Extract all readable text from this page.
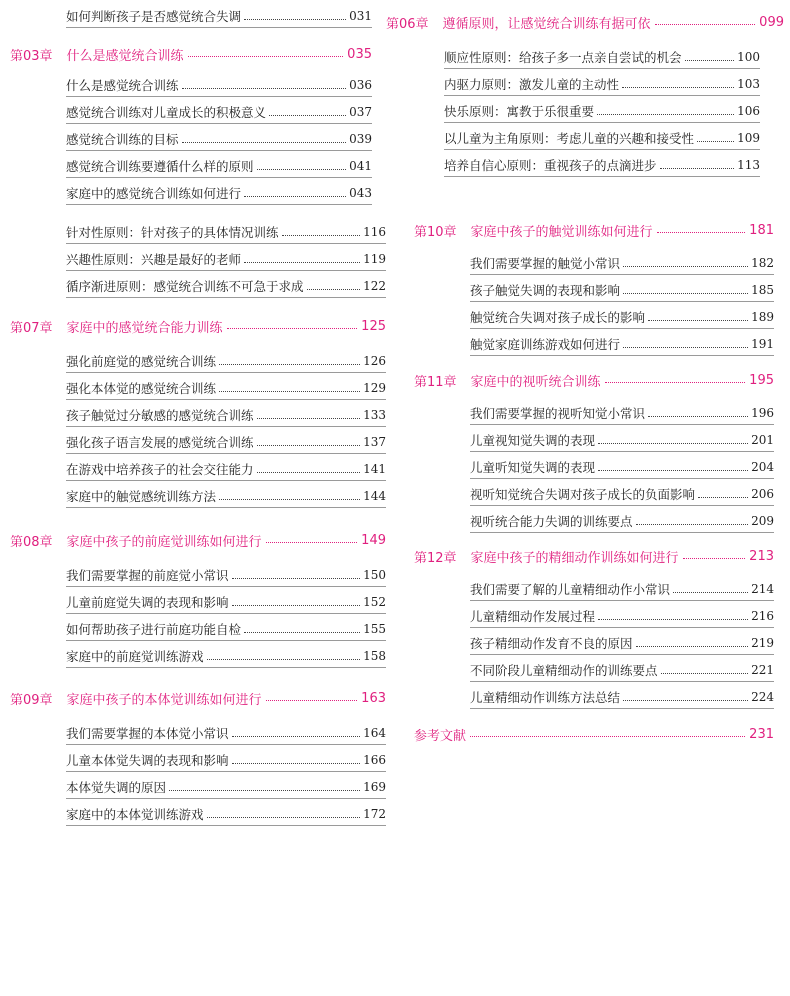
如何判断孩子是否感觉统合失调	031
第03章 什么是感觉统合训练	035
什么是感觉统合训练	036
感觉统合训练对儿童成长的积极意义	037
感觉统合训练的目标	039
感觉统合训练要遵循什么样的原则	041
家庭中的感觉统合训练如何进行	043
针对性原则：针对孩子的具体情况训练	116
兴趣性原则：兴趣是最好的老师	119
循序渐进原则：感觉统合训练不可急于求成	122
第07章 家庭中的感觉统合能力训练	125
强化前庭觉的感觉统合训练	126
强化本体觉的感觉统合训练	129
孩子触觉过分敏感的感觉统合训练	133
强化孩子语言发展的感觉统合训练	137
在游戏中培养孩子的社会交往能力	141
家庭中的触觉感统训练方法	144
第08章 家庭中孩子的前庭觉训练如何进行	149
我们需要掌握的前庭觉小常识	150
儿童前庭觉失调的表现和影响	152
如何帮助孩子进行前庭功能自检	155
家庭中的前庭觉训练游戏	158
第09章 家庭中孩子的本体觉训练如何进行	163
我们需要掌握的本体觉小常识	164
儿童本体觉失调的表现和影响	166
本体觉失调的原因	169
家庭中的本体觉训练游戏	172
第06章 遵循原则，让感觉统合训练有据可依	099
顺应性原则：给孩子多一点亲自尝试的机会	100
内驱力原则：激发儿童的主动性	103
快乐原则：寓教于乐很重要	106
以儿童为主角原则：考虑儿童的兴趣和接受性	109
培养自信心原则：重视孩子的点滴进步	113
第10章 家庭中孩子的触觉训练如何进行	181
我们需要掌握的触觉小常识	182
孩子触觉失调的表现和影响	185
触觉统合失调对孩子成长的影响	189
触觉家庭训练游戏如何进行	191
第11章 家庭中的视听统合训练	195
我们需要掌握的视听知觉小常识	196
儿童视知觉失调的表现	201
儿童听知觉失调的表现	204
视听知觉统合失调对孩子成长的负面影响	206
视听统合能力失调的训练要点	209
第12章 家庭中孩子的精细动作训练如何进行	213
我们需要了解的儿童精细动作小常识	214
儿童精细动作发展过程	216
孩子精细动作发育不良的原因	219
不同阶段儿童精细动作的训练要点	221
儿童精细动作训练方法总结	224
参考文献	231
